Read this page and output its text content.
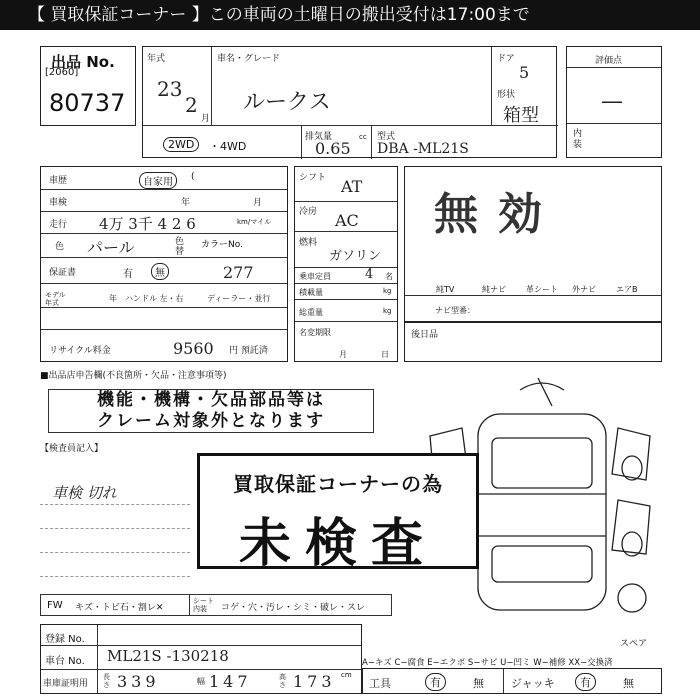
【 買取保証コーナー 】この車両の土曜日の搬出受付は17:00まで
出品 No.
[2060]
80737
年式
23
2
月
車名・グレード
ルークス
ドア
5
形状
箱型
2WD	・4WD
排気量
0.65
cc 型式
DBA -ML21S
評価点
—
内装
車歴	自家用	(
車検	年	月
走行 4万 3千 4 2 6	km/マイル
色 パール	色替
カラーNo.
277
保証書	有	無
モデル年式	年 ハンドル 左・右	ディーラー・並行
リサイクル料金	9560 円 預託済
シフト AT
冷房 AC
燃料
ガソリン
乗車定員	4 名
積載量	kg
総重量	kg
名変期限
月	日
ナビ型番：
無効
純TV	純ナビ	革シート 外ナビ	エアB
後日品
■出品店申告欄(不良箇所・欠品・注意事項等)
機能・機構・欠品部品等は
クレーム対象外となります
【検査員記入】
車検 切れ	買取保証コーナーの為
未検査
FW キズ・トビ石・割レ✕
シート内装	コゲ・穴・汚レ・シミ・破レ・スレ
登録 No.
車台 No. ML21S -130218
車庫証明用
長さ 339	幅 147	高さ 173 cm
A−キズ C−腐食 E−エクボ S−サビ U−凹ミ W−補修 XX−交換済
スペア
工具	有	無 ジャッキ	有	無
